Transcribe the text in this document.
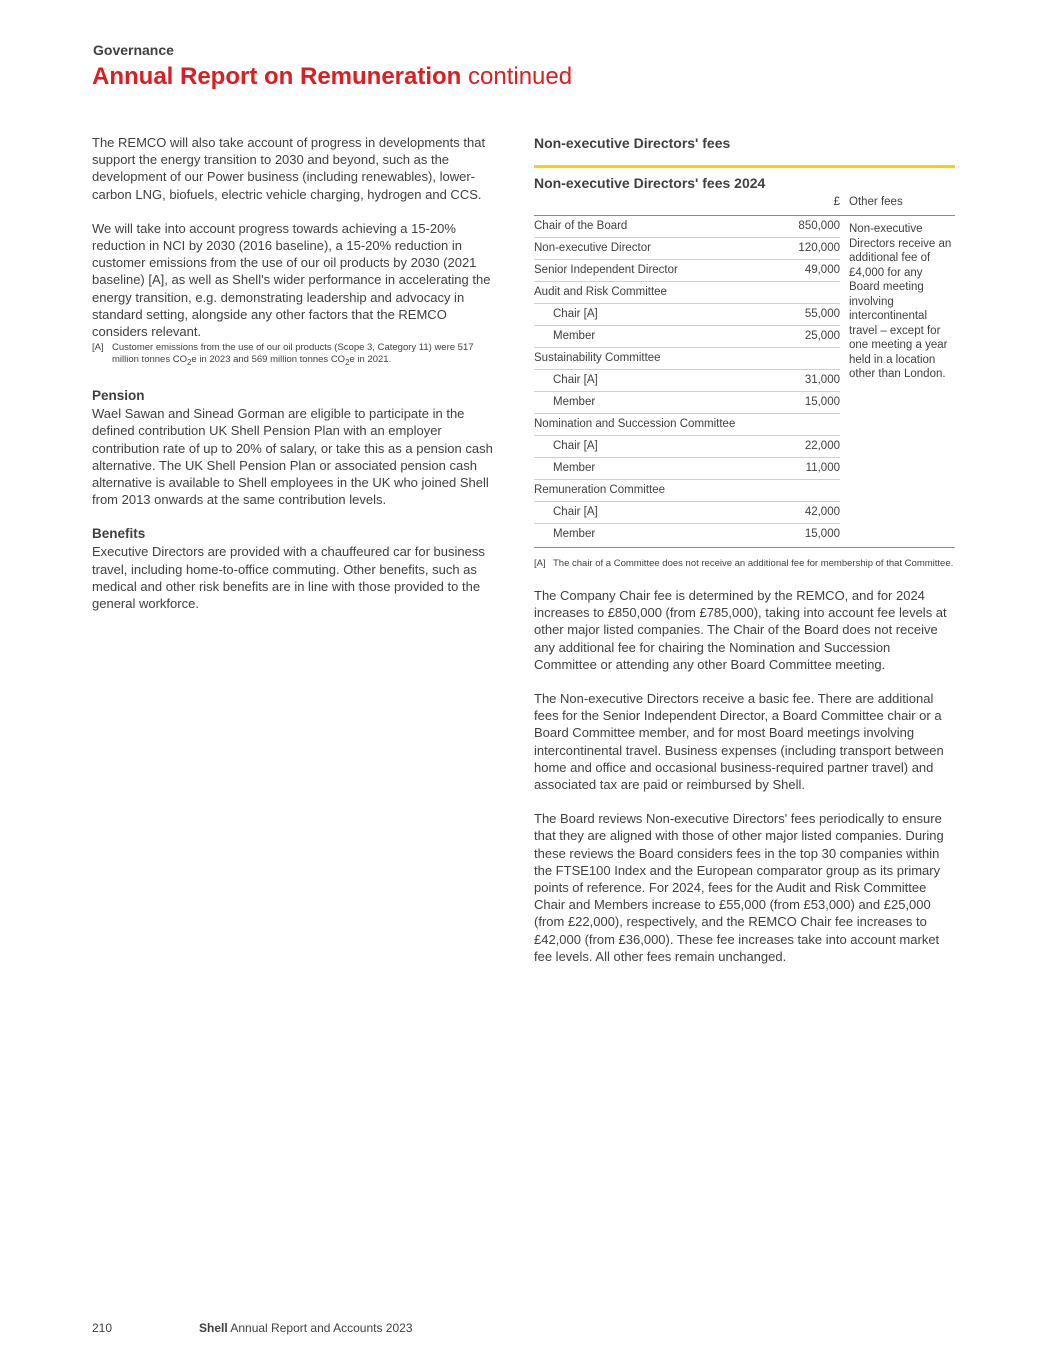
Governance
Annual Report on Remuneration continued

The REMCO will also take account of progress in developments that support the energy transition to 2030 and beyond, such as the development of our Power business (including renewables), lower-carbon LNG, biofuels, electric vehicle charging, hydrogen and CCS.

We will take into account progress towards achieving a 15-20% reduction in NCI by 2030 (2016 baseline), a 15-20% reduction in customer emissions from the use of our oil products by 2030 (2021 baseline) [A], as well as Shell's wider performance in accelerating the energy transition, e.g. demonstrating leadership and advocacy in standard setting, alongside any other factors that the REMCO considers relevant.

[A] Customer emissions from the use of our oil products (Scope 3, Category 11) were 517 million tonnes $CO_2e$ in 2023 and 569 million tonnes $CO_2e$ in 2021.
Pension

Wael Sawan and Sinead Gorman are eligible to participate in the defined contribution UK Shell Pension Plan with an employer contribution rate of up to 20% of salary, or take this as a pension cash alternative. The UK Shell Pension Plan or associated pension cash alternative is available to Shell employees in the UK who joined Shell from 2013 onwards at the same contribution levels.

Benefits

Executive Directors are provided with a chauffeured car for business travel, including home-to-office commuting. Other benefits, such as medical and other risk benefits are in line with those provided to the general workforce.

Non-executive Directors' fees
Non-executive Directors' fees 2024
£ Other fees
Chair of the Board	850,000
Non-executive Director	120,000
Senior Independent Director	49,000
Audit and Risk Committee
Chair [A]	55,000
Member	25,000
Sustainability Committee
Chair [A]	31,000
Member	15,000
Nomination and Succession Committee
Chair [A]	22,000
Member	11,000
Remuneration Committee
Chair [A]	42,000
Member	15,000
Non-executive Directors receive an additional fee of £4,000 for any Board meeting involving intercontinental travel – except for one meeting a year held in a location other than London.
[A] The chair of a Committee does not receive an additional fee for membership of that Committee.

The Company Chair fee is determined by the REMCO, and for 2024 increases to £850,000 (from £785,000), taking into account fee levels at other major listed companies. The Chair of the Board does not receive any additional fee for chairing the Nomination and Succession Committee or attending any other Board Committee meeting.

The Non-executive Directors receive a basic fee. There are additional fees for the Senior Independent Director, a Board Committee chair or a Board Committee member, and for most Board meetings involving intercontinental travel. Business expenses (including transport between home and office and occasional business-required partner travel) and associated tax are paid or reimbursed by Shell.

The Board reviews Non-executive Directors' fees periodically to ensure that they are aligned with those of other major listed companies. During these reviews the Board considers fees in the top 30 companies within the FTSE100 Index and the European comparator group as its primary points of reference. For 2024, fees for the Audit and Risk Committee Chair and Members increase to £55,000 (from £53,000) and £25,000 (from £22,000), respectively, and the REMCO Chair fee increases to £42,000 (from £36,000). These fee increases take into account market fee levels. All other fees remain unchanged.

210	Shell Annual Report and Accounts 2023
